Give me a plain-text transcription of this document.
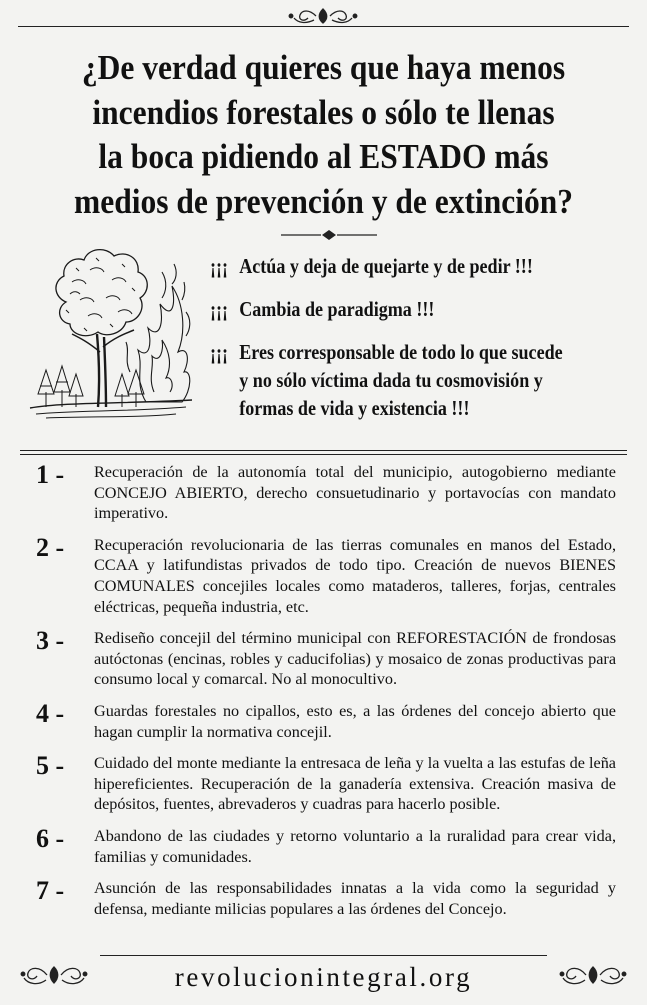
¿De verdad quieres que haya menos
incendios forestales o sólo te llenas
la boca pidiendo al ESTADO más
medios de prevención y de extinción?
¡¡¡ Actúa y deja de quejarte y de pedir !!!
¡¡¡ Cambia de paradigma !!!
¡¡¡ Eres corresponsable de todo lo que sucede
y no sólo víctima dada tu cosmovisión y
formas de vida y existencia !!!
1 -	Recuperación de la autonomía total del municipio, autogobierno mediante CONCEJO ABIERTO, derecho consuetudinario y portavocías con mandato imperativo.
2 -	Recuperación revolucionaria de las tierras comunales en manos del Estado, CCAA y latifundistas privados de todo tipo. Creación de nuevos BIENES COMUNALES concejiles locales como mataderos, talleres, forjas, centrales eléctricas, pequeña industria, etc.
3 -	Rediseño concejil del término municipal con REFORESTACIÓN de frondosas autóctonas (encinas, robles y caducifolias) y mosaico de zonas productivas para consumo local y comarcal. No al monocultivo.
4 -	Guardas forestales no cipallos, esto es, a las órdenes del concejo abierto que hagan cumplir la normativa concejil.
5 -	Cuidado del monte mediante la entresaca de leña y la vuelta a las estufas de leña hipereficientes. Recuperación de la ganadería extensiva. Creación masiva de depósitos, fuentes, abrevaderos y cuadras para hacerlo posible.
6 -	Abandono de las ciudades y retorno voluntario a la ruralidad para crear vida, familias y comunidades.
7 -	Asunción de las responsabilidades innatas a la vida como la seguridad y defensa, mediante milicias populares a las órdenes del Concejo.
revolucionintegral.org
